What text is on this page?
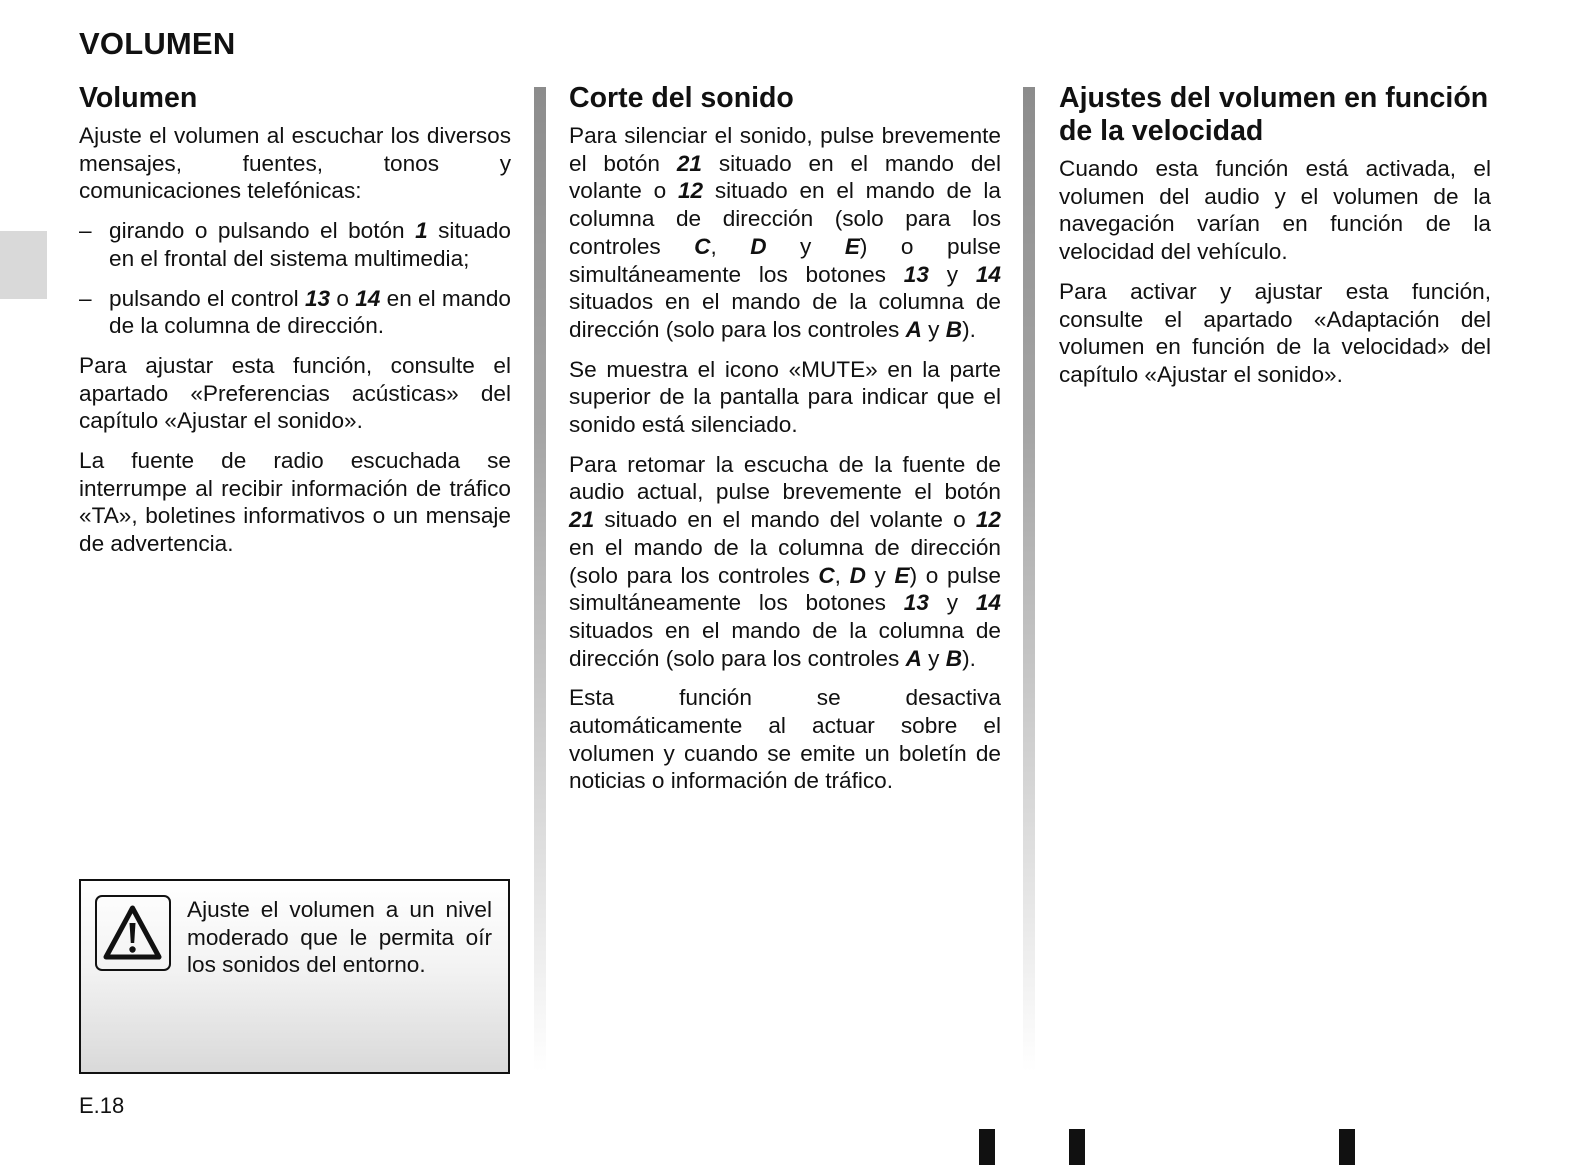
VOLUMEN
Volumen

Ajuste el volumen al escuchar los diversos mensajes, fuentes, tonos y comunicaciones telefónicas:

– girando o pulsando el botón 1 situado en el frontal del sistema multimedia;
– pulsando el control 13 o 14 en el mando de la columna de dirección.

Para ajustar esta función, consulte el apartado «Preferencias acústicas» del capítulo «Ajustar el sonido».

La fuente de radio escuchada se interrumpe al recibir información de tráfico «TA», boletines informativos o un mensaje de advertencia.

Corte del sonido

Para silenciar el sonido, pulse brevemente el botón 21 situado en el mando del volante o 12 situado en el mando de la columna de dirección (solo para los controles C, D y E) o pulse simultáneamente los botones 13 y 14 situados en el mando de la columna de dirección (solo para los controles A y B).

Se muestra el icono «MUTE» en la parte superior de la pantalla para indicar que el sonido está silenciado.

Para retomar la escucha de la fuente de audio actual, pulse brevemente el botón 21 situado en el mando del volante o 12 en el mando de la columna de dirección (solo para los controles C, D y E) o pulse simultáneamente los botones 13 y 14 situados en el mando de la columna de dirección (solo para los controles A y B).

Esta función se desactiva automáticamente al actuar sobre el volumen y cuando se emite un boletín de noticias o información de tráfico.

Ajustes del volumen en función de la velocidad

Cuando esta función está activada, el volumen del audio y el volumen de la navegación varían en función de la velocidad del vehículo.

Para activar y ajustar esta función, consulte el apartado «Adaptación del volumen en función de la velocidad» del capítulo «Ajustar el sonido».

Ajuste el volumen a un nivel moderado que le permita oír los sonidos del entorno.

E.18
